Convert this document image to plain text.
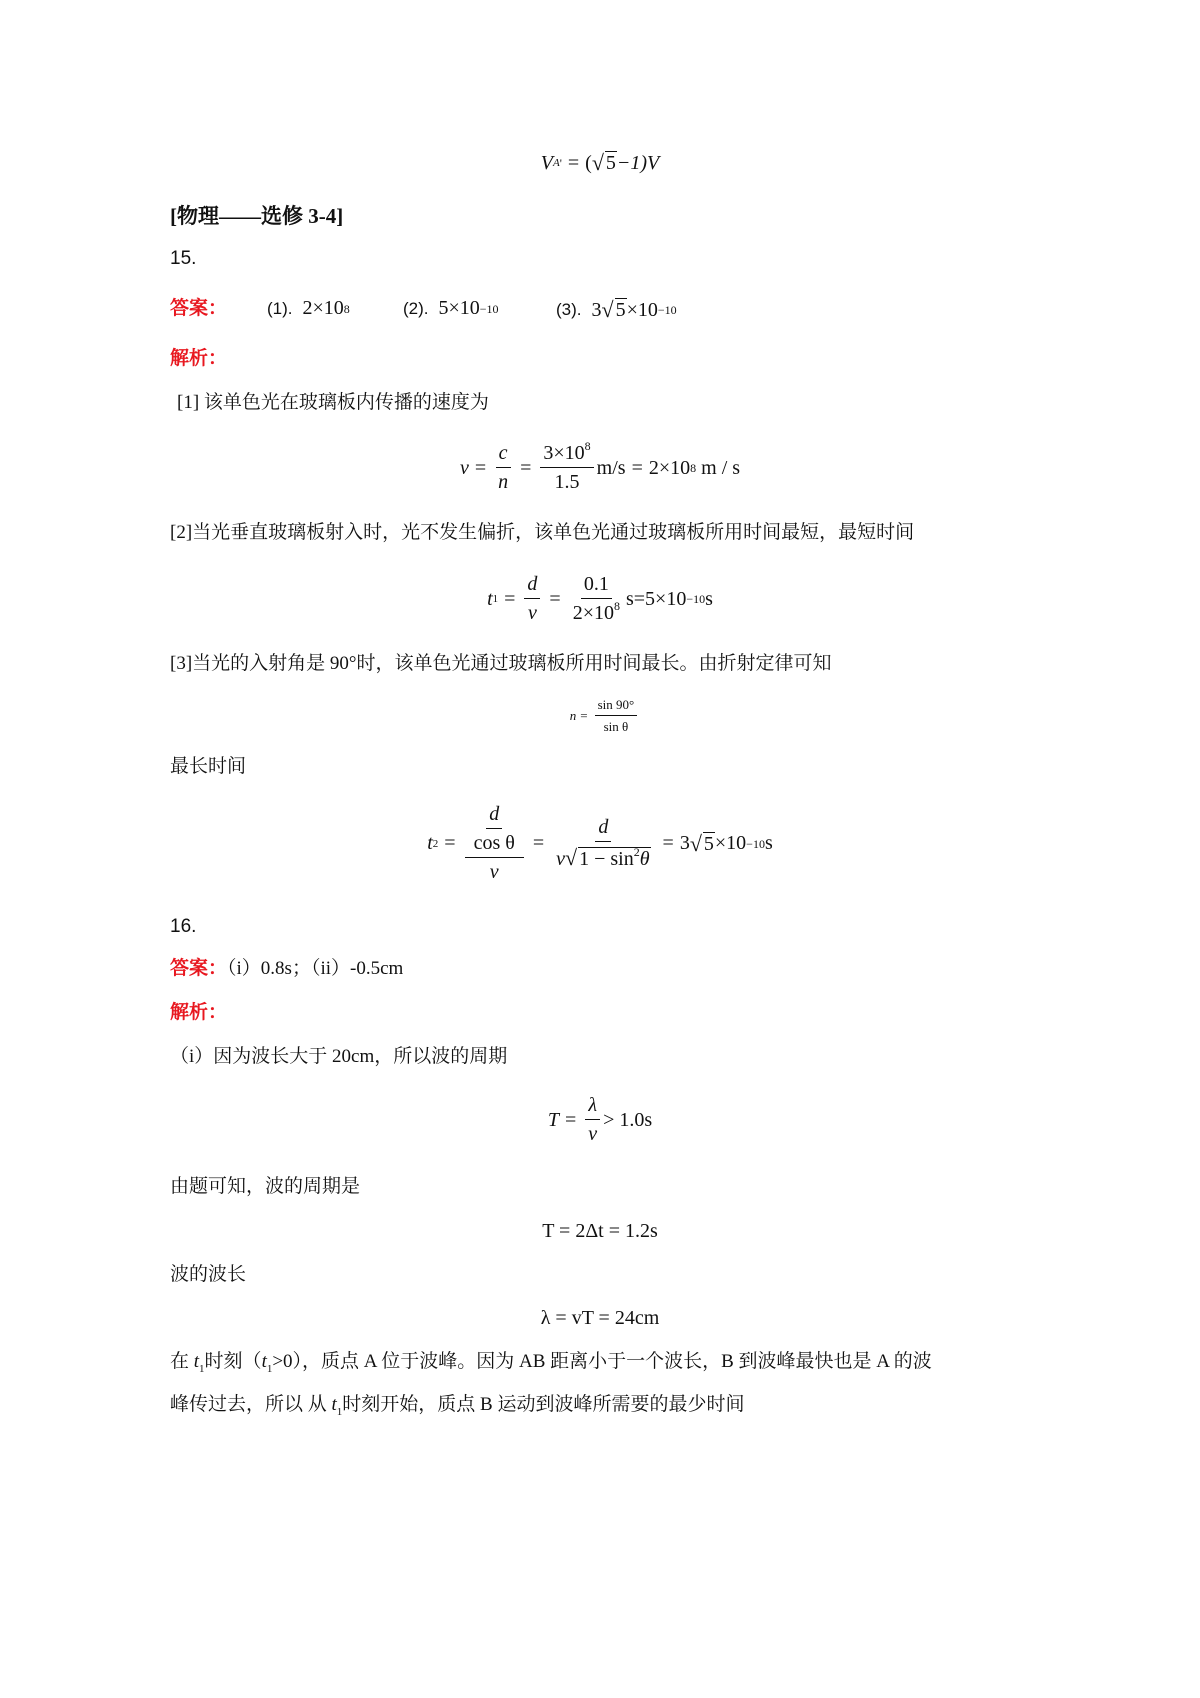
V A ' = ( √ 5 −1)V
[物理——选修 3-4]
15.
答案： (1).
2×10 8	(2).
5×10 −10	(3).
3 √ 5 ×10 −10
解析：
[1] 该单色光在玻璃板内传播的速度为
$v = \frac{c}{n} = \frac{3\times 10^8}{1.5} m/s = 2\times 10$ 8
m / s
[2]当光垂直玻璃板射入时，光不发生偏折，该单色光通过玻璃板所用时间最短，最短时间
t $1 = \frac{d}{v} = \frac{0.1}{2\times 10^8} s=5\times 10 -10$ s
[3]当光的入射角是 90°时，该单色光通过玻璃板所用时间最长。由折射定律可知
$n = \frac{\sin 90^\circ}{\text{sin θ}}$
最长时间
t $2 = \frac{\frac{d}{\text{cos θ}}}{v} = \frac{d}{v√ 1 - \sin^2\theta} = 3$ √ 5 ×10 −10 s
16.
答案：（i）0.8s；（ii）-0.5cm
解析：
（i）因为波长大于 20cm，所以波的周期
$T = \frac{\lambda}{v} > 1.0s$
由题可知，波的周期是
T = 2Δt = 1.2s
波的波长
λ = vT = 24cm
在 $t_1$时刻$(t_1>0)$，质点 A 位于波峰。因为 AB 距离小于一个波长，B 到波峰最快也是 A 的波
峰传过去，所以 从 $t_1$时刻开始，质点 B 运动到波峰所需要的最少时间
